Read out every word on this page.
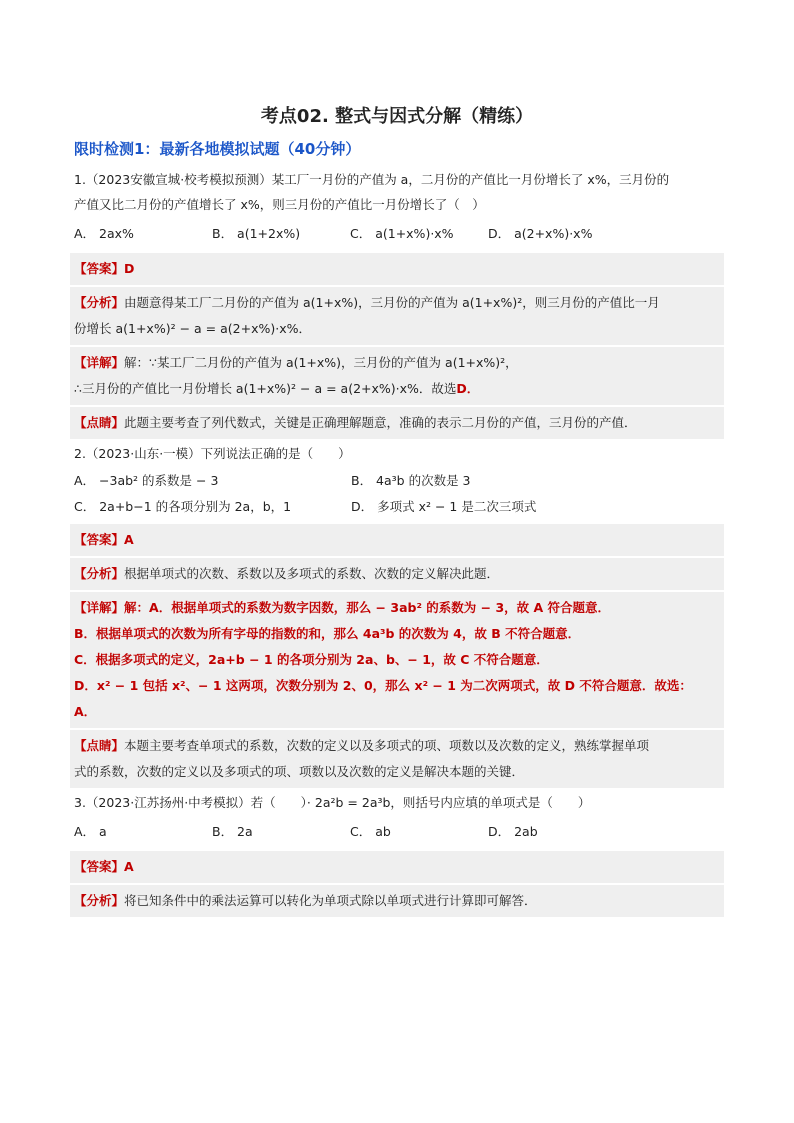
考点02. 整式与因式分解（精练）
限时检测1：最新各地模拟试题（40分钟）
1.（2023安徽宣城·校考模拟预测）某工厂一月份的产值为 a，二月份的产值比一月份增长了 x%，三月份的
产值又比二月份的产值增长了 x%，则三月份的产值比一月份增长了（　）
A． 2ax%	B． a(1+2x%)	C． a(1+x%)·x%	D． a(2+x%)·x%
【答案】D
【分析】由题意得某工厂二月份的产值为 a(1+x%)，三月份的产值为 a(1+x%)²，则三月份的产值比一月
份增长 a(1+x%)² − a = a(2+x%)·x%．
【详解】解：∵某工厂二月份的产值为 a(1+x%)，三月份的产值为 a(1+x%)²，
∴三月份的产值比一月份增长 a(1+x%)² − a = a(2+x%)·x%．故选D．
【点睛】此题主要考查了列代数式，关键是正确理解题意，准确的表示二月份的产值，三月份的产值．
2.（2023·山东·一模）下列说法正确的是（　　）
A． −3ab² 的系数是 − 3	B． 4a³b 的次数是 3
C． 2a+b−1 的各项分别为 2a，b，1	D． 多项式 x² − 1 是二次三项式
【答案】A
【分析】根据单项式的次数、系数以及多项式的系数、次数的定义解决此题．
【详解】解：A．根据单项式的系数为数字因数，那么 − 3ab² 的系数为 − 3，故 A 符合题意．
B．根据单项式的次数为所有字母的指数的和，那么 4a³b 的次数为 4，故 B 不符合题意．
C．根据多项式的定义，2a+b − 1 的各项分别为 2a、b、− 1，故 C 不符合题意．
D．x² − 1 包括 x²、− 1 这两项，次数分别为 2、0，那么 x² − 1 为二次两项式，故 D 不符合题意．故选：
A．
【点睛】本题主要考查单项式的系数，次数的定义以及多项式的项、项数以及次数的定义，熟练掌握单项
式的系数，次数的定义以及多项式的项、项数以及次数的定义是解决本题的关键．
3.（2023·江苏扬州·中考模拟）若（　　）· 2a²b = 2a³b，则括号内应填的单项式是（　　）
A． a	B． 2a	C． ab	D． 2ab
【答案】A
【分析】将已知条件中的乘法运算可以转化为单项式除以单项式进行计算即可解答．
